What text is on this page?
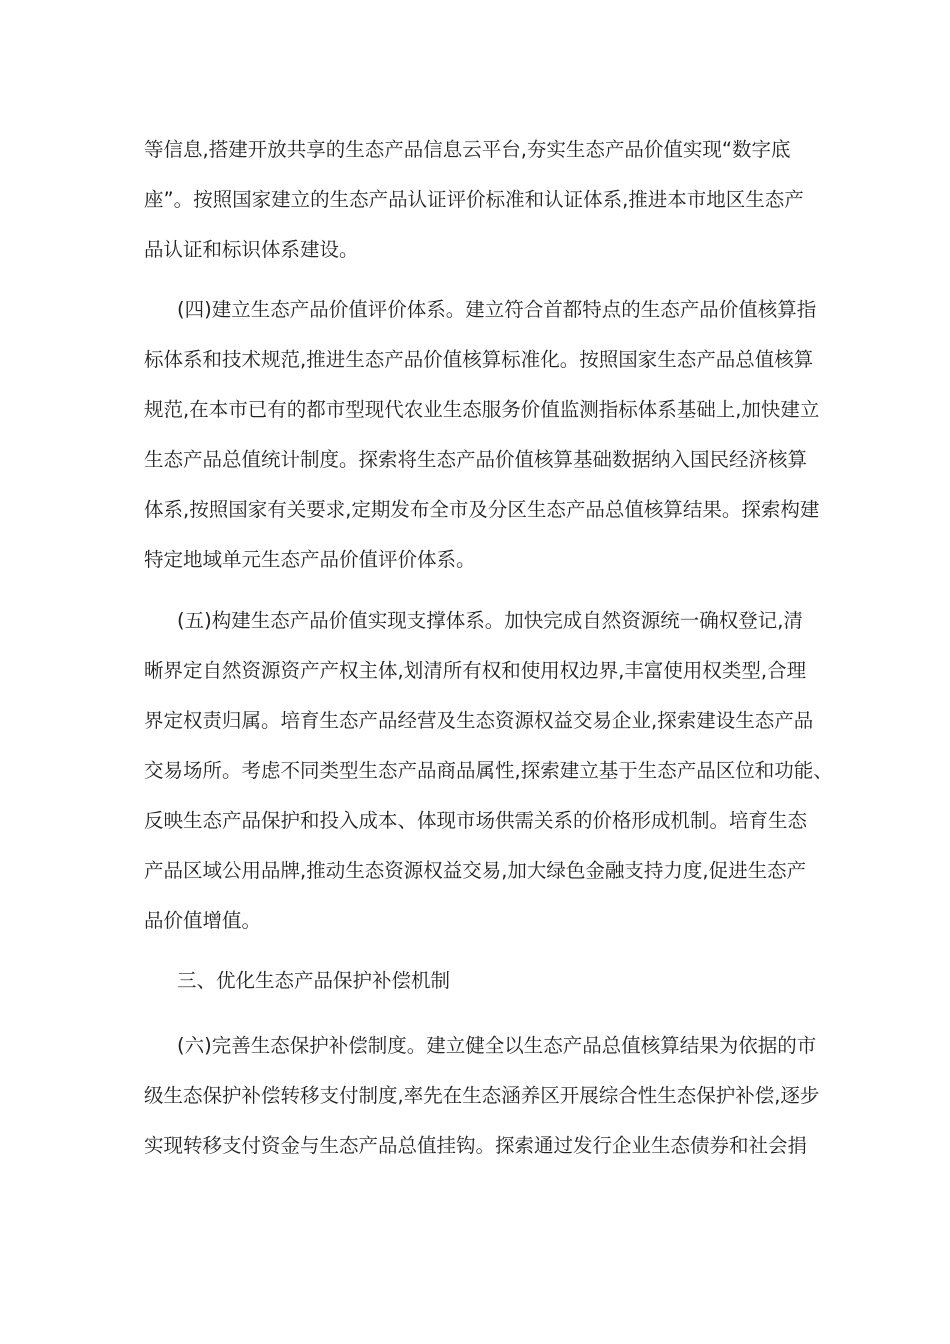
等信息,搭建开放共享的生态产品信息云平台,夯实生态产品价值实现“数字底
座”。按照国家建立的生态产品认证评价标准和认证体系,推进本市地区生态产
品认证和标识体系建设。
(四)建立生态产品价值评价体系。建立符合首都特点的生态产品价值核算指
标体系和技术规范,推进生态产品价值核算标准化。按照国家生态产品总值核算
规范,在本市已有的都市型现代农业生态服务价值监测指标体系基础上,加快建立
生态产品总值统计制度。探索将生态产品价值核算基础数据纳入国民经济核算
体系,按照国家有关要求,定期发布全市及分区生态产品总值核算结果。探索构建
特定地域单元生态产品价值评价体系。
(五)构建生态产品价值实现支撑体系。加快完成自然资源统一确权登记,清
晰界定自然资源资产产权主体,划清所有权和使用权边界,丰富使用权类型,合理
界定权责归属。培育生态产品经营及生态资源权益交易企业,探索建设生态产品
交易场所。考虑不同类型生态产品商品属性,探索建立基于生态产品区位和功能、
反映生态产品保护和投入成本、体现市场供需关系的价格形成机制。培育生态
产品区域公用品牌,推动生态资源权益交易,加大绿色金融支持力度,促进生态产
品价值增值。
三、优化生态产品保护补偿机制
(六)完善生态保护补偿制度。建立健全以生态产品总值核算结果为依据的市
级生态保护补偿转移支付制度,率先在生态涵养区开展综合性生态保护补偿,逐步
实现转移支付资金与生态产品总值挂钩。探索通过发行企业生态债券和社会捐
